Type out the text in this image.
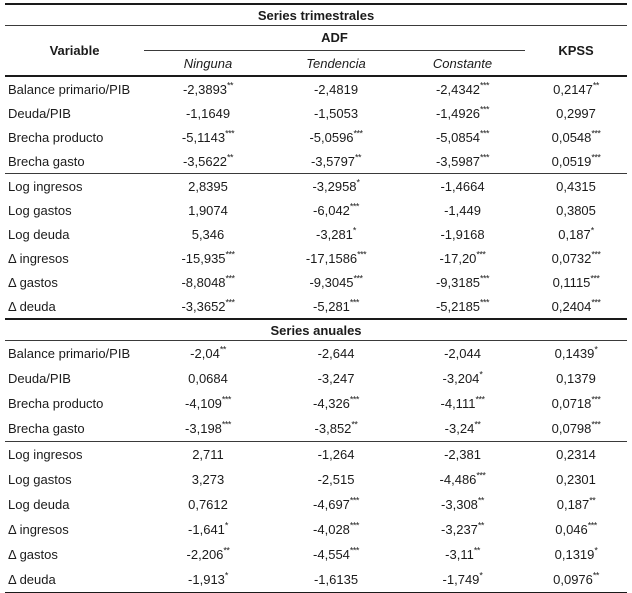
Series trimestrales				
Variable	ADF			KPSS
	Ninguna	Tendencia	Constante	
Balance primario/PIB	-2,3893**	-2,4819	-2,4342***	0,2147**
Deuda/PIB	-1,1649	-1,5053	-1,4926***	0,2997
Brecha producto	-5,1143***	-5,0596***	-5,0854***	0,0548***
Brecha gasto	-3,5622**	-3,5797**	-3,5987***	0,0519***
Log ingresos	2,8395	-3,2958*	-1,4664	0,4315
Log gastos	1,9074	-6,042***	-1,449	0,3805
Log deuda	5,346	-3,281*	-1,9168	0,187*
Δ ingresos	-15,935***	-17,1586***	-17,20***	0,0732***
Δ gastos	-8,8048***	-9,3045***	-9,3185***	0,1115***
Δ deuda	-3,3652***	-5,281***	-5,2185***	0,2404***
Series anuales				
Balance primario/PIB	-2,04**	-2,644	-2,044	0,1439*
Deuda/PIB	0,0684	-3,247	-3,204*	0,1379
Brecha producto	-4,109***	-4,326***	-4,111***	0,0718***
Brecha gasto	-3,198***	-3,852**	-3,24**	0,0798***
Log ingresos	2,711	-1,264	-2,381	0,2314
Log gastos	3,273	-2,515	-4,486***	0,2301
Log deuda	0,7612	-4,697***	-3,308**	0,187**
Δ ingresos	-1,641*	-4,028***	-3,237**	0,046***
Δ gastos	-2,206**	-4,554***	-3,11**	0,1319*
Δ deuda	-1,913*	-1,6135	-1,749*	0,0976**
